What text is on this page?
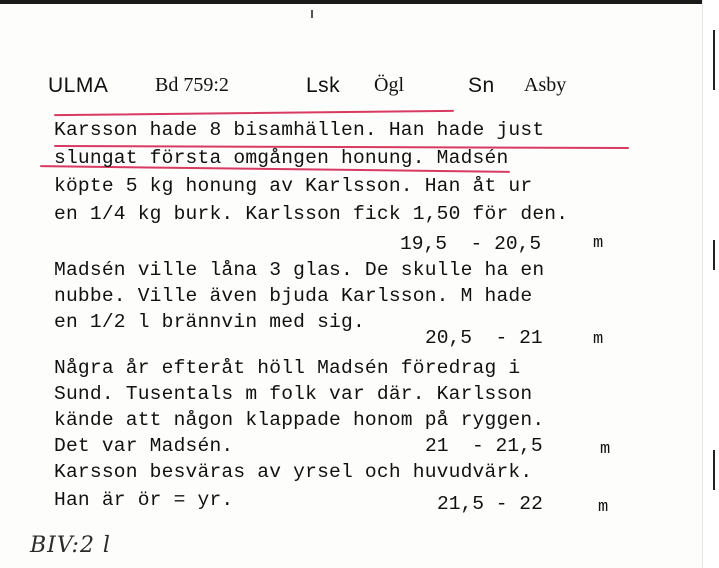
ULMA Bd 759:2	Lsk Ögl	Sn Asby
Karsson hade 8 bisamhällen. Han hade just
slungat första omgången honung. Madsén
köpte 5 kg honung av Karlsson. Han åt ur
en 1/4 kg burk. Karlsson fick 1,50 för den.
19,5  - 20,5	m
Madsén ville låna 3 glas. De skulle ha en
nubbe. Ville även bjuda Karlsson. M hade
en 1/2 l brännvin med sig.
20,5  - 21	m
Några år efteråt höll Madsén föredrag i
Sund. Tusentals m folk var där. Karlsson
kände att någon klappade honom på ryggen.
Det var Madsén.	21  - 21,5	m
Karsson besväras av yrsel och huvudvärk.
Han är ör = yr.	21,5 - 22	m
BIV:2 l
